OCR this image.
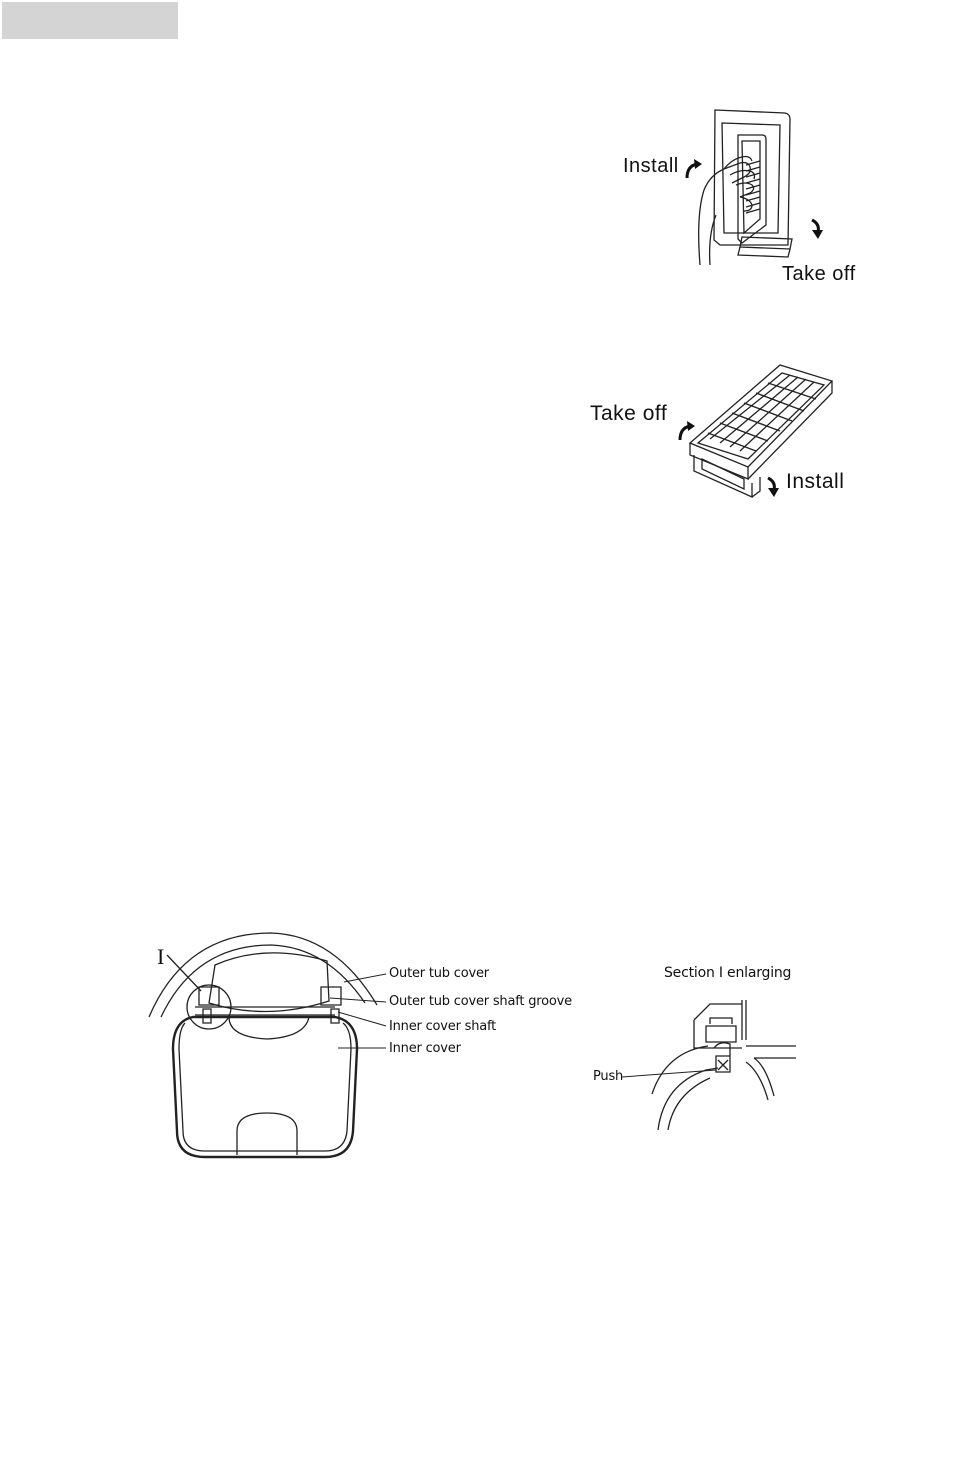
Install
Take off
Take off
Install
I
Outer tub cover
Outer tub cover shaft groove
Inner cover shaft
Inner cover
Section I enlarging
Push
